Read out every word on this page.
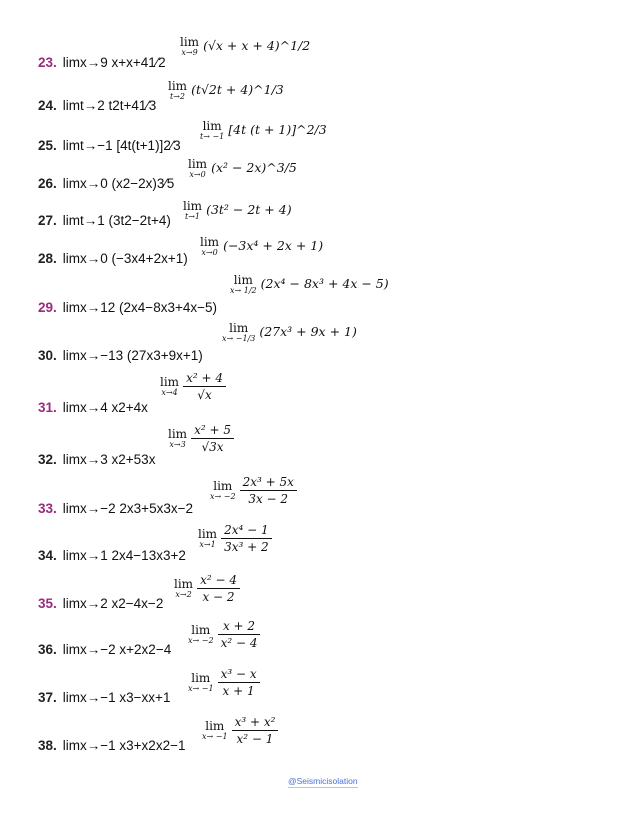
lim
x→9 (√x + x + 4)^1/2
23. limx→9 x+x+41⁄2
lim
t→2 (t√2t + 4)^1/3
24. limt→2 t2t+41⁄3
lim
t→ −1 [4t (t + 1)]^2/3
25. limt→−1 [4t(t+1)]2⁄3
lim
x→0 (x² − 2x)^3/5
26. limx→0 (x2−2x)3⁄5
lim
t→1 (3t² − 2t + 4)
27. limt→1 (3t2−2t+4)
lim
x→0 (−3x⁴ + 2x + 1)
28. limx→0 (−3x4+2x+1)
lim
x→ 1/2 (2x⁴ − 8x³ + 4x − 5)
29. limx→12 (2x4−8x3+4x−5)
lim
x→ −1/3 (27x³ + 9x + 1)
30. limx→−13 (27x3+9x+1)
lim
$x\to 4 \frac{\text{x² + 4}}{√x}$
31. limx→4 x2+4x
lim
$x\to 3 \frac{\text{x² + 5}}{√3x}$
32. limx→3 x2+53x
lim
$x\to -2 \frac{\text{2x³ + 5x}}{3x - 2}$
33. limx→−2 2x3+5x3x−2
lim
$x\to 1 \frac{\text{2x⁴ − 1}}{\text{3x³ + 2}}$
34. limx→1 2x4−13x3+2
lim
$x\to 2 \frac{\text{x² − 4}}{x - 2}$
35. limx→2 x2−4x−2
lim
$x\to -2 \frac{x + 2}{\text{x² − 4}}$
36. limx→−2 x+2x2−4
lim
$x\to -1 \frac{\text{x³ − x}}{x + 1}$
37. limx→−1 x3−xx+1
lim
$x\to -1 \frac{\text{x³ + x²}}{\text{x² − 1}}$
38. limx→−1 x3+x2x2−1
@Seismicisolation
